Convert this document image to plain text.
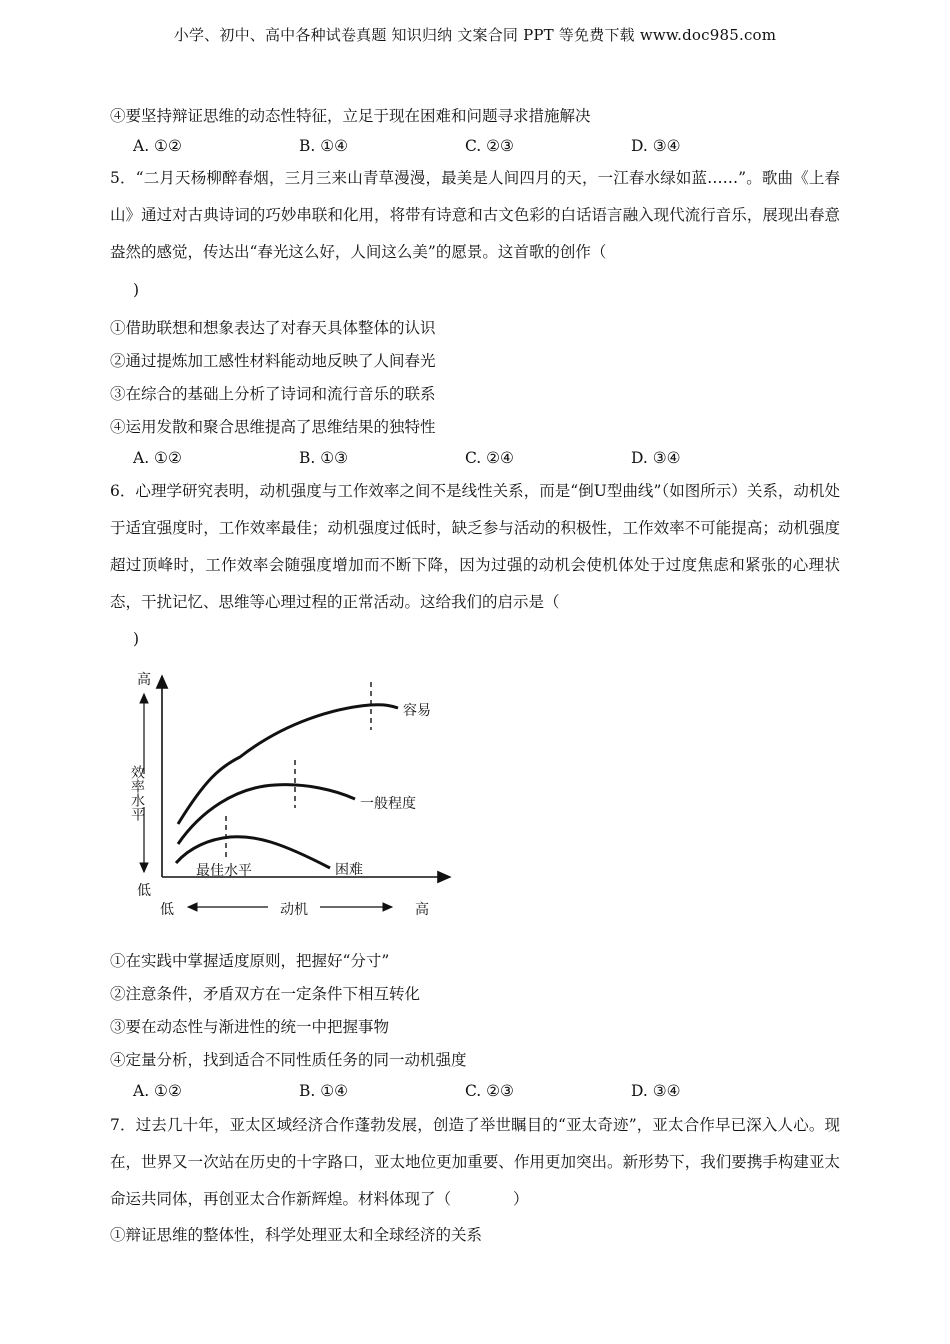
小学、初中、高中各种试卷真题 知识归纳 文案合同 PPT 等免费下载 www.doc985.com
④要坚持辩证思维的动态性特征，立足于现在困难和问题寻求措施解决
A. ①②	B. ①④	C. ②③	D. ③④
5．“二月天杨柳醉春烟，三月三来山青草漫漫，最美是人间四月的天，一江春水绿如蓝……”。歌曲《上春山》通过对古典诗词的巧妙串联和化用，将带有诗意和古文色彩的白话语言融入现代流行音乐，展现出春意盎然的感觉，传达出“春光这么好，人间这么美”的愿景。这首歌的创作（
)
①借助联想和想象表达了对春天具体整体的认识
②通过提炼加工感性材料能动地反映了人间春光
③在综合的基础上分析了诗词和流行音乐的联系
④运用发散和聚合思维提高了思维结果的独特性
A. ①②	B. ①③	C. ②④	D. ③④
6．心理学研究表明，动机强度与工作效率之间不是线性关系，而是“倒U型曲线”（如图所示）关系，动机处于适宜强度时，工作效率最佳；动机强度过低时，缺乏参与活动的积极性，工作效率不可能提高；动机强度超过顶峰时，工作效率会随强度增加而不断下降，因为过强的动机会使机体处于过度焦虑和紧张的心理状态，干扰记忆、思维等心理过程的正常活动。这给我们的启示是（
)
高
低
低	高
效率水平
动机
容易
一般程度
困难
最佳水平
①在实践中掌握适度原则，把握好“分寸”
②注意条件，矛盾双方在一定条件下相互转化
③要在动态性与渐进性的统一中把握事物
④定量分析，找到适合不同性质任务的同一动机强度
A. ①②	B. ①④	C. ②③	D. ③④
7．过去几十年，亚太区域经济合作蓬勃发展，创造了举世瞩目的“亚太奇迹”，亚太合作早已深入人心。现在，世界又一次站在历史的十字路口，亚太地位更加重要、作用更加突出。新形势下，我们要携手构建亚太命运共同体，再创亚太合作新辉煌。材料体现了（　　　　）
①辩证思维的整体性，科学处理亚太和全球经济的关系
